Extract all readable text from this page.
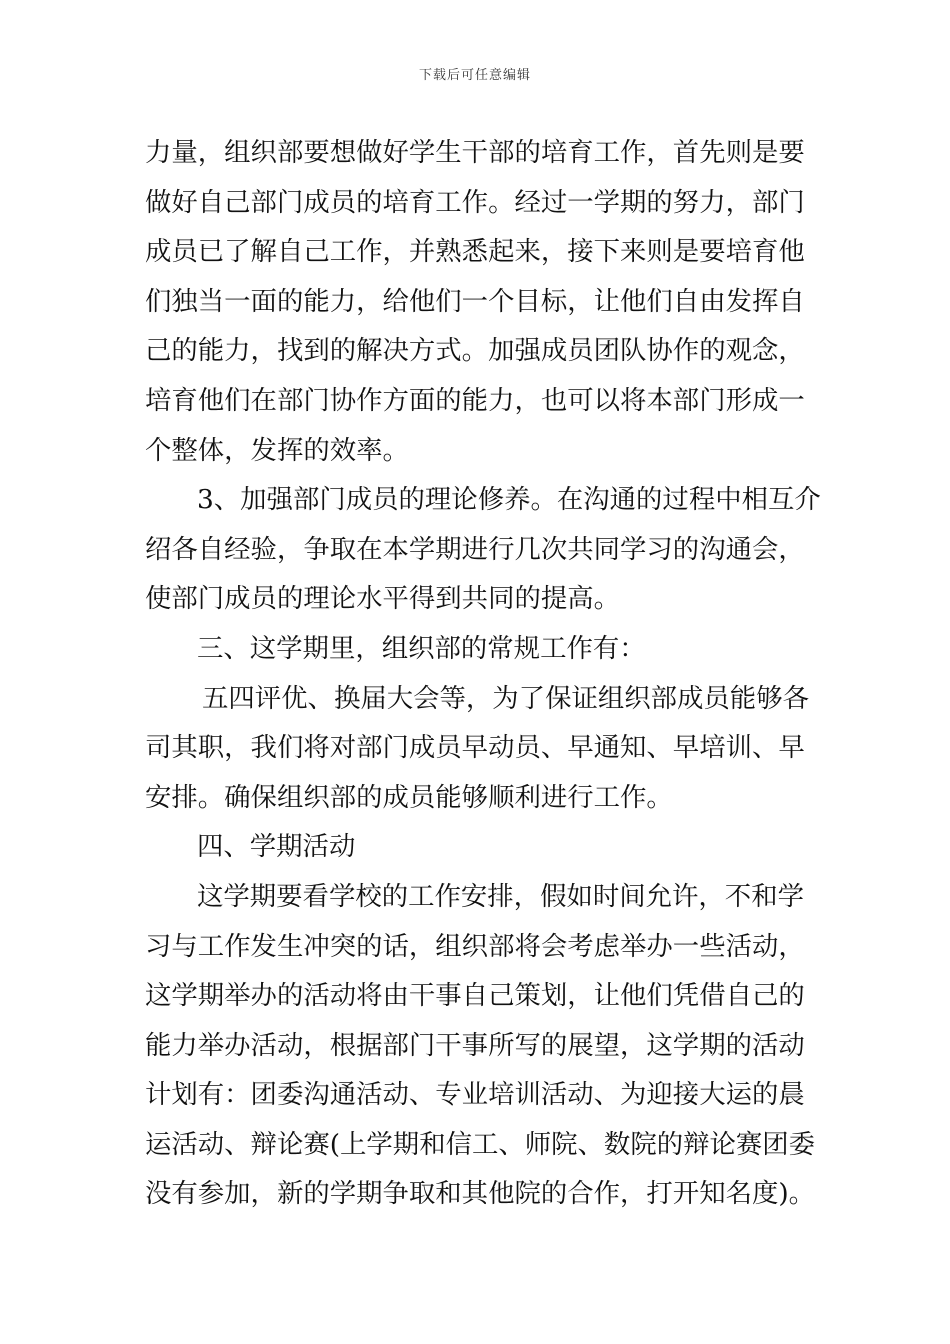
下载后可任意编辑
力量，组织部要想做好学生干部的培育工作，首先则是要
做好自己部门成员的培育工作。经过一学期的努力，部门
成员已了解自己工作，并熟悉起来，接下来则是要培育他
们独当一面的能力，给他们一个目标，让他们自由发挥自
己的能力，找到的解决方式。加强成员团队协作的观念，
培育他们在部门协作方面的能力，也可以将本部门形成一
个整体，发挥的效率。
3、加强部门成员的理论修养。在沟通的过程中相互介
绍各自经验，争取在本学期进行几次共同学习的沟通会，
使部门成员的理论水平得到共同的提高。
三、这学期里，组织部的常规工作有：
五四评优、换届大会等，为了保证组织部成员能够各
司其职，我们将对部门成员早动员、早通知、早培训、早
安排。确保组织部的成员能够顺利进行工作。
四、学期活动
这学期要看学校的工作安排，假如时间允许，不和学
习与工作发生冲突的话，组织部将会考虑举办一些活动，
这学期举办的活动将由干事自己策划，让他们凭借自己的
能力举办活动，根据部门干事所写的展望，这学期的活动
计划有：团委沟通活动、专业培训活动、为迎接大运的晨
运活动、辩论赛(上学期和信工、师院、数院的辩论赛团委
没有参加，新的学期争取和其他院的合作，打开知名度)。
